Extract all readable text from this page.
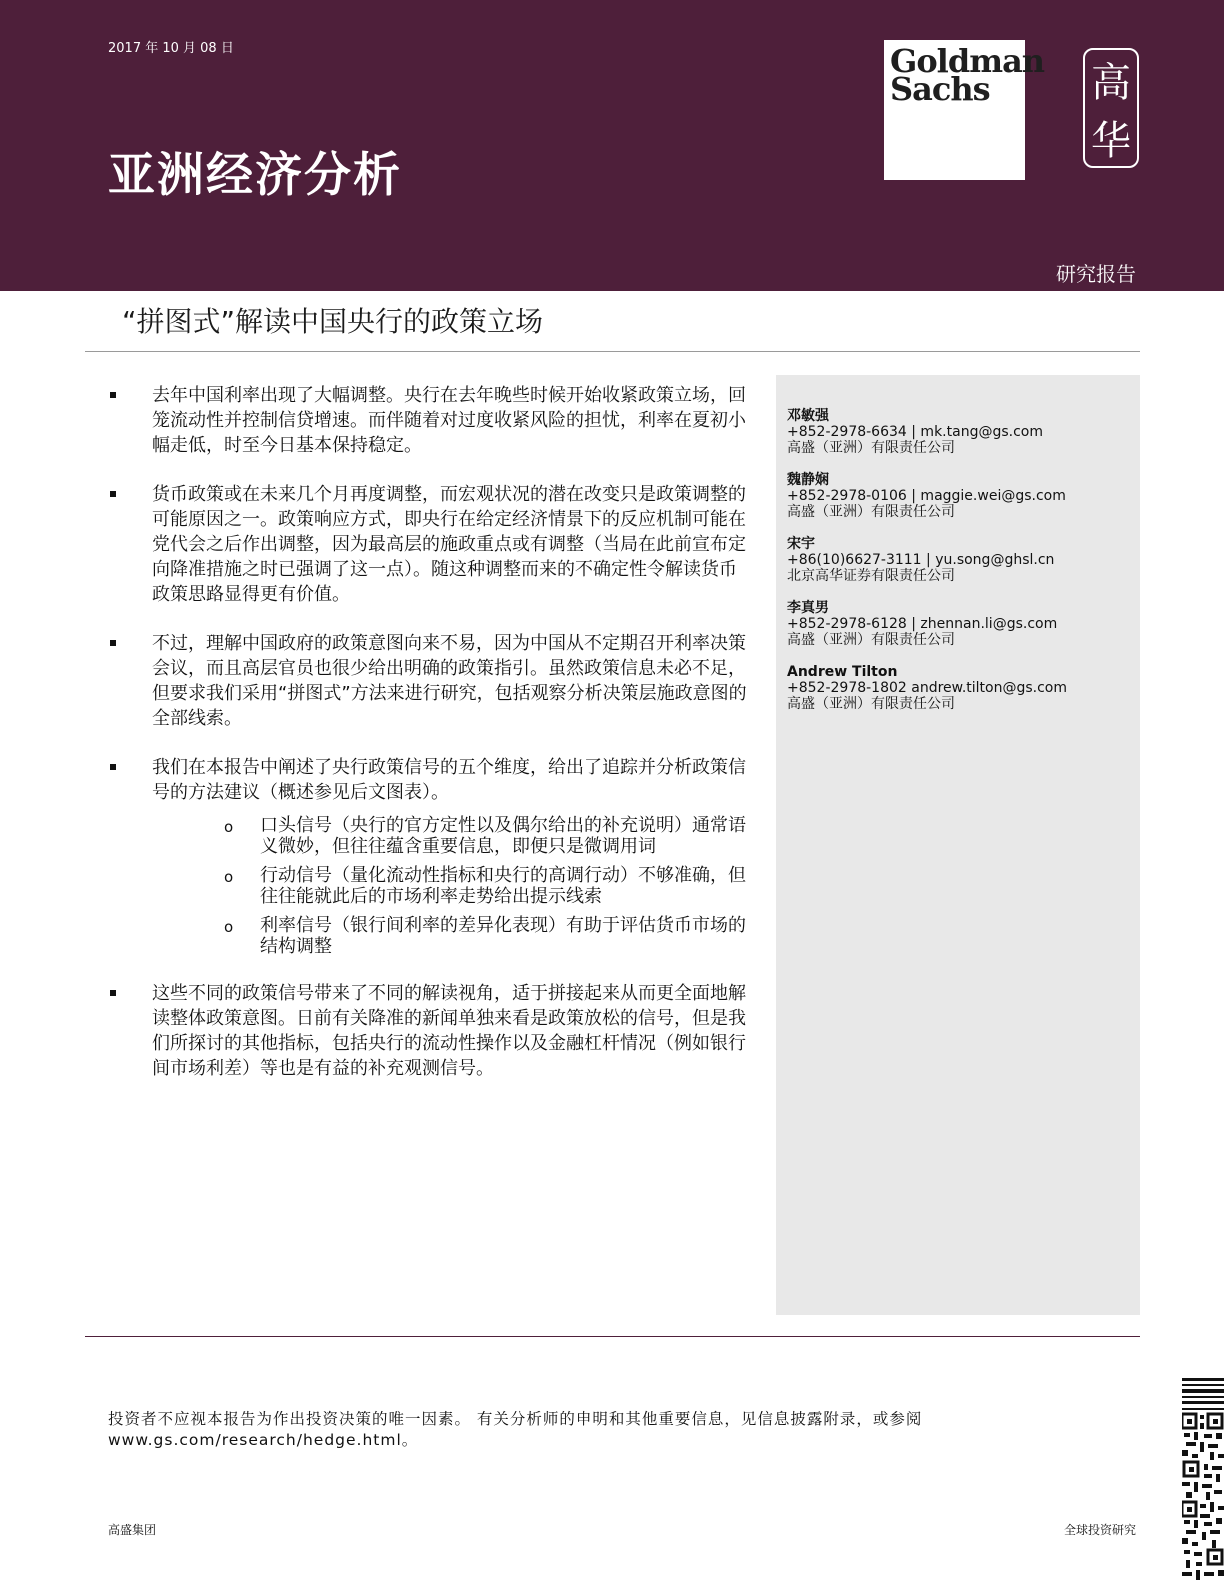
2017 年 10 月 08 日
亚洲经济分析
研究报告
Goldman
Sachs	高
华
“拼图式”解读中国央行的政策立场
去年中国利率出现了大幅调整。央行在去年晚些时候开始收紧政策立场，回笼流动性并控制信贷增速。而伴随着对过度收紧风险的担忧，利率在夏初小幅走低，时至今日基本保持稳定。
货币政策或在未来几个月再度调整，而宏观状况的潜在改变只是政策调整的可能原因之一。政策响应方式，即央行在给定经济情景下的反应机制可能在党代会之后作出调整，因为最高层的施政重点或有调整（当局在此前宣布定向降准措施之时已强调了这一点）。随这种调整而来的不确定性令解读货币政策思路显得更有价值。
不过，理解中国政府的政策意图向来不易，因为中国从不定期召开利率决策会议，而且高层官员也很少给出明确的政策指引。虽然政策信息未必不足，但要求我们采用“拼图式”方法来进行研究，包括观察分析决策层施政意图的全部线索。
我们在本报告中阐述了央行政策信号的五个维度，给出了追踪并分析政策信号的方法建议（概述参见后文图表）。
o 口头信号（央行的官方定性以及偶尔给出的补充说明）通常语义微妙，但往往蕴含重要信息，即便只是微调用词
o 行动信号（量化流动性指标和央行的高调行动）不够准确，但往往能就此后的市场利率走势给出提示线索
o 利率信号（银行间利率的差异化表现）有助于评估货币市场的结构调整
这些不同的政策信号带来了不同的解读视角，适于拼接起来从而更全面地解读整体政策意图。日前有关降准的新闻单独来看是政策放松的信号，但是我们所探讨的其他指标，包括央行的流动性操作以及金融杠杆情况（例如银行间市场利差）等也是有益的补充观测信号。
邓敏强
+852-2978-6634 | mk.tang@gs.com
高盛（亚洲）有限责任公司
魏静娴
+852-2978-0106 | maggie.wei@gs.com
高盛（亚洲）有限责任公司
宋宇
+86(10)6627-3111 | yu.song@ghsl.cn
北京高华证券有限责任公司
李真男
+852-2978-6128 | zhennan.li@gs.com
高盛（亚洲）有限责任公司
Andrew Tilton
+852-2978-1802 andrew.tilton@gs.com
高盛（亚洲）有限责任公司
投资者不应视本报告为作出投资决策的唯一因素。 有关分析师的申明和其他重要信息，见信息披露附录，或参阅www.gs.com/research/hedge.html。
高盛集团	全球投资研究
